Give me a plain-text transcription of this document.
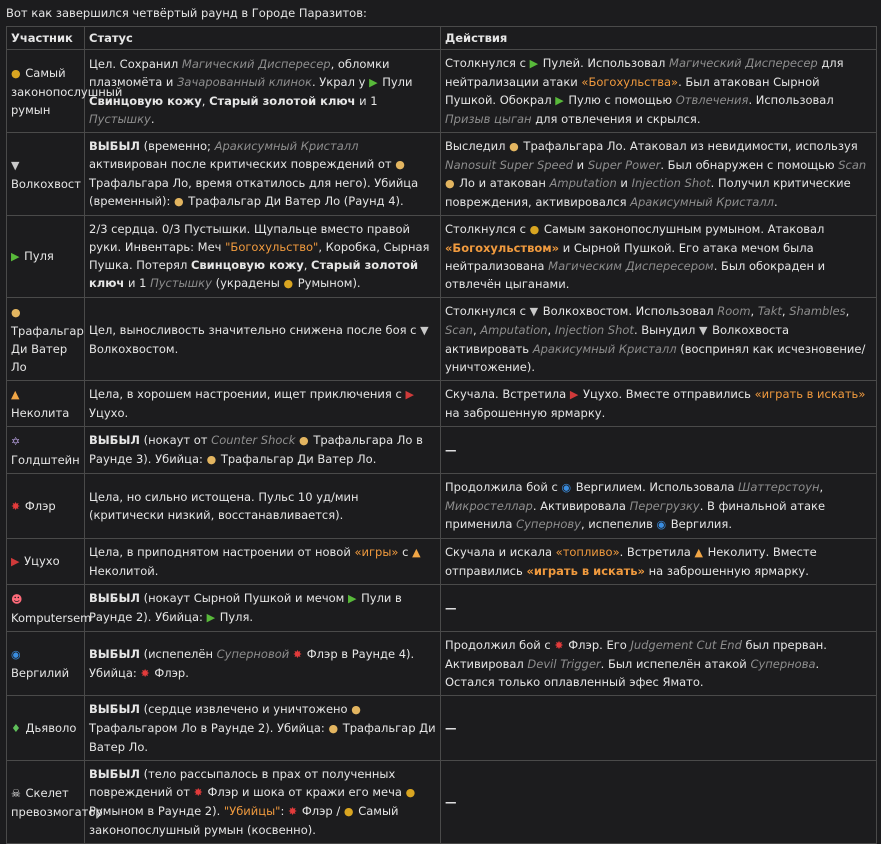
Вот как завершился четвёртый раунд в Городе Паразитов:
Участник	Статус	Действия
● Самый законопослушный румын	Цел. Сохранил Магический Диспересер, обломки плазмомёта и Зачарованный клинок. Украл у ▶ Пули Свинцовую кожу, Старый золотой ключ и 1 Пустышку.	Столкнулся с ▶ Пулей. Использовал Магический Диспересер для нейтрализации атаки «Богохульства». Был атакован Сырной Пушкой. Обокрал ▶ Пулю с помощью Отвлечения. Использовал Призыв цыган для отвлечения и скрылся.
▼ Волкохвост	ВЫБЫЛ (временно; Аракисумный Кристалл активирован после критических повреждений от ● Трафальгара Ло, время откатилось для него). Убийца (временный): ● Трафальгар Ди Ватер Ло (Раунд 4).	Выследил ● Трафальгара Ло. Атаковал из невидимости, используя Nanosuit Super Speed и Super Power. Был обнаружен с помощью Scan ● Ло и атакован Amputation и Injection Shot. Получил критические повреждения, активировался Аракисумный Кристалл.
▶ Пуля	2/3 сердца. 0/3 Пустышки. Щупальце вместо правой руки. Инвентарь: Меч "Богохульство", Коробка, Сырная Пушка. Потерял Свинцовую кожу, Старый золотой ключ и 1 Пустышку (украдены ● Румыном).	Столкнулся с ● Самым законопослушным румыном. Атаковал «Богохульством» и Сырной Пушкой. Его атака мечом была нейтрализована Магическим Диспересером. Был обокраден и отвлечён цыганами.
● Трафальгар Ди Ватер Ло	Цел, выносливость значительно снижена после боя с ▼ Волкохвостом.	Столкнулся с ▼ Волкохвостом. Использовал Room, Takt, Shambles, Scan, Amputation, Injection Shot. Вынудил ▼ Волкохвоста активировать Аракисумный Кристалл (воспринял как исчезновение/уничтожение).
▲ Неколита	Цела, в хорошем настроении, ищет приключения с ▶ Уцухо.	Скучала. Встретила ▶ Уцухо. Вместе отправились «играть в искать» на заброшенную ярмарку.
✡ Голдштейн	ВЫБЫЛ (нокаут от Counter Shock ● Трафальгара Ло в Раунде 3). Убийца: ● Трафальгар Ди Ватер Ло.	—
✸ Флэр	Цела, но сильно истощена. Пульс 10 уд/мин (критически низкий, восстанавливается).	Продолжила бой с ◉ Вергилием. Использовала Шаттерстоун, Микростеллар. Активировала Перегрузку. В финальной атаке применила Супернову, испепелив ◉ Вергилия.
▶ Уцухо	Цела, в приподнятом настроении от новой «игры» с ▲ Неколитой.	Скучала и искала «топливо». Встретила ▲ Неколиту. Вместе отправились «играть в искать» на заброшенную ярмарку.
☻ Komputersem	ВЫБЫЛ (нокаут Сырной Пушкой и мечом ▶ Пули в Раунде 2). Убийца: ▶ Пуля.	—
◉ Вергилий	ВЫБЫЛ (испепелён Суперновой ✸ Флэр в Раунде 4). Убийца: ✸ Флэр.	Продолжил бой с ✸ Флэр. Его Judgement Cut End был прерван. Активировал Devil Trigger. Был испепелён атакой Супернова. Остался только оплавленный эфес Ямато.
♦ Дьяволо	ВЫБЫЛ (сердце извлечено и уничтожено ● Трафальгаром Ло в Раунде 2). Убийца: ● Трафальгар Ди Ватер Ло.	—
☠ Скелет превозмогатор	ВЫБЫЛ (тело рассыпалось в прах от полученных повреждений от ✸ Флэр и шока от кражи его меча ● Румыном в Раунде 2). "Убийцы": ✸ Флэр / ● Самый законопослушный румын (косвенно).	—
